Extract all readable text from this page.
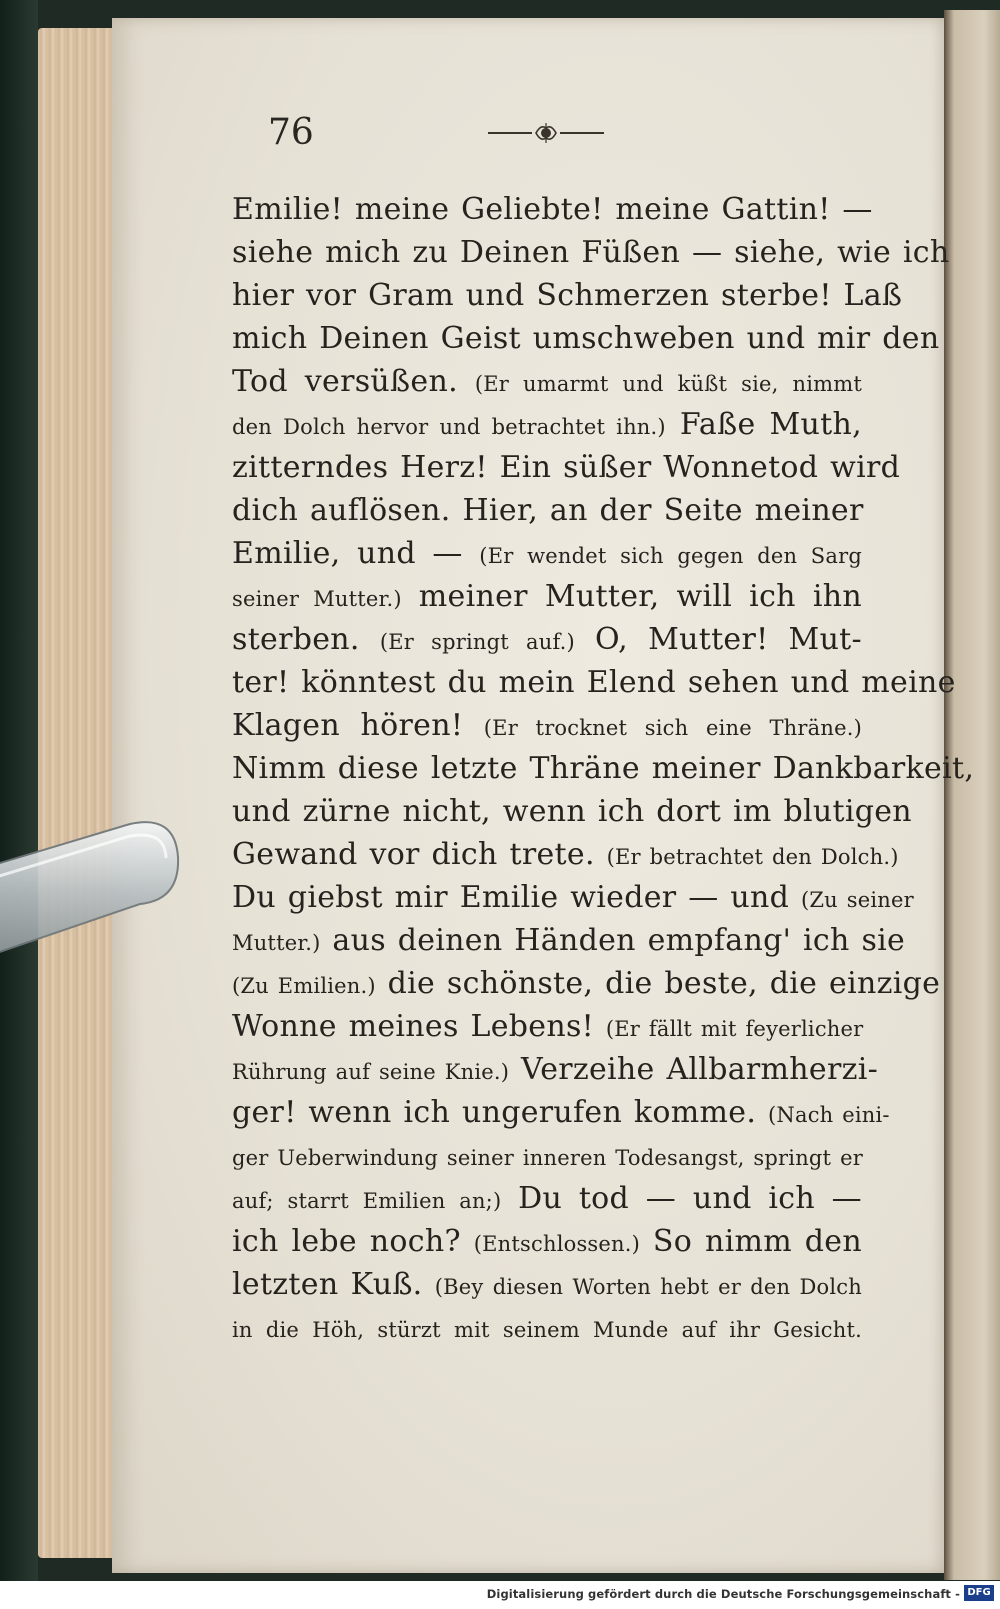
76
Emilie! meine Geliebte! meine Gattin! —
siehe mich zu Deinen Füßen — siehe, wie ich
hier vor Gram und Schmerzen sterbe! Laß
mich Deinen Geist umschweben und mir den
Tod versüßen. (Er umarmt und küßt sie, nimmt
den Dolch hervor und betrachtet ihn.) Faße Muth,
zitterndes Herz! Ein süßer Wonnetod wird
dich auflösen. Hier, an der Seite meiner
Emilie, und — (Er wendet sich gegen den Sarg
seiner Mutter.) meiner Mutter, will ich ihn
sterben. (Er springt auf.) O, Mutter! Mut-
ter! könntest du mein Elend sehen und meine
Klagen hören! (Er trocknet sich eine Thräne.)
Nimm diese letzte Thräne meiner Dankbarkeit,
und zürne nicht, wenn ich dort im blutigen
Gewand vor dich trete. (Er betrachtet den Dolch.)
Du giebst mir Emilie wieder — und (Zu seiner
Mutter.) aus deinen Händen empfang' ich sie
(Zu Emilien.) die schönste, die beste, die einzige
Wonne meines Lebens! (Er fällt mit feyerlicher
Rührung auf seine Knie.) Verzeihe Allbarmherzi-
ger! wenn ich ungerufen komme. (Nach eini-
ger Ueberwindung seiner inneren Todesangst, springt er
auf; starrt Emilien an;) Du tod — und ich —
ich lebe noch? (Entschlossen.) So nimm den
letzten Kuß. (Bey diesen Worten hebt er den Dolch
in die Höh, stürzt mit seinem Munde auf ihr Gesicht.
Digitalisierung gefördert durch die Deutsche Forschungsgemeinschaft - DFG
